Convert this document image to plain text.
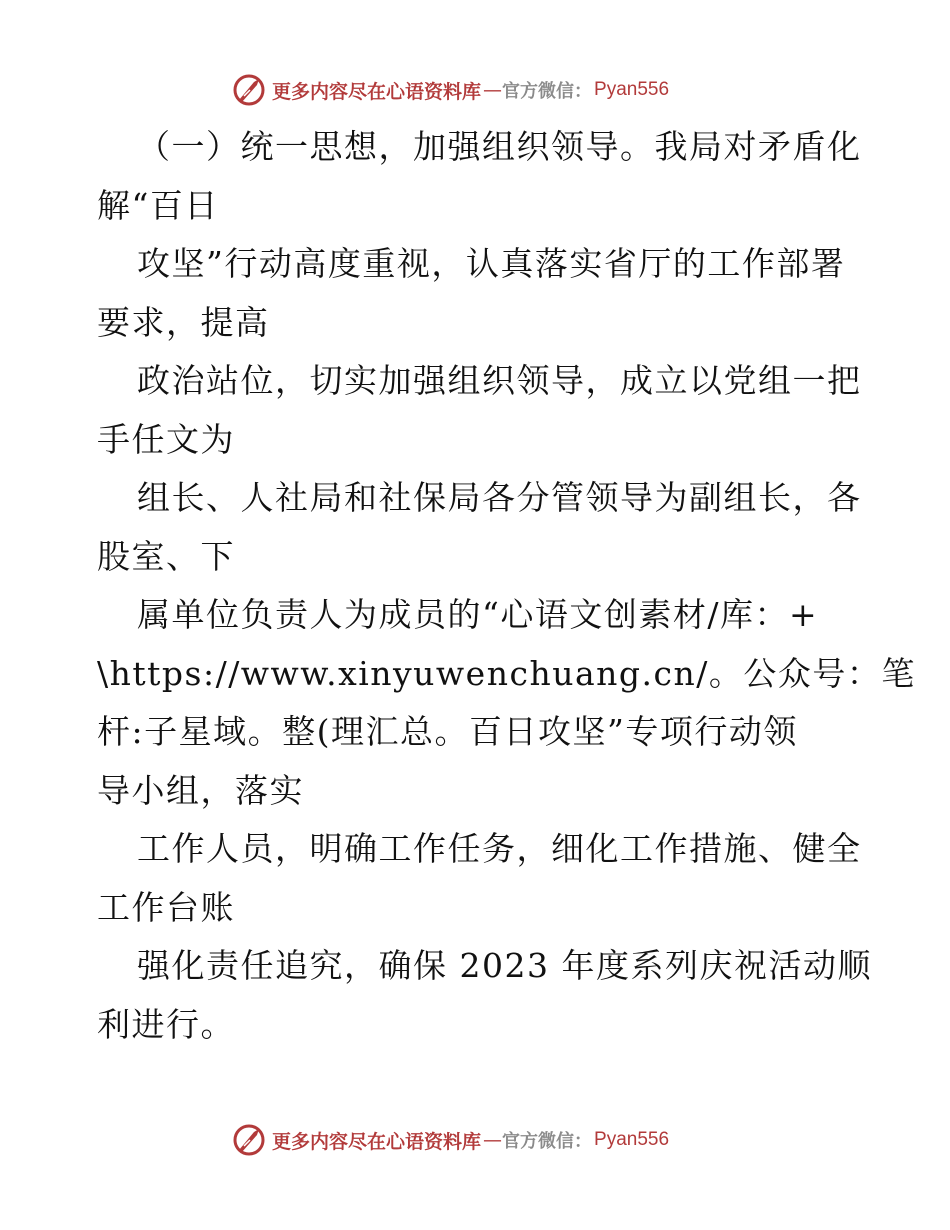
更多内容尽在心语资料库 — 官方微信： Pyan556
（一）统一思想，加强组织领导。我局对矛盾化
解“百日
攻坚”行动高度重视，认真落实省厅的工作部署
要求，提高
政治站位，切实加强组织领导，成立以党组一把
手任文为
组长、人社局和社保局各分管领导为副组长，各
股室、下
属单位负责人为成员的“心语文创素材/库：+
\https://www.xinyuwenchuang.cn/。公众号：笔
杆:子星域。整(理汇总。百日攻坚”专项行动领
导小组，落实
工作人员，明确工作任务，细化工作措施、健全
工作台账
强化责任追究，确保 2023 年度系列庆祝活动顺
利进行。
更多内容尽在心语资料库 — 官方微信： Pyan556
